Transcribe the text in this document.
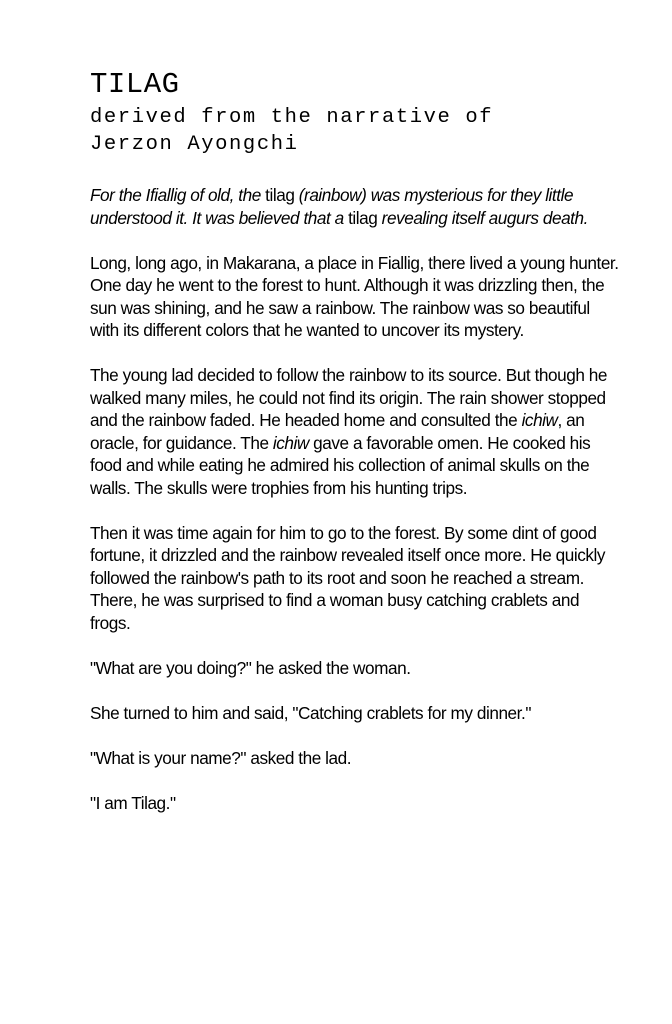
TILAG
derived from the narrative of Jerzon Ayongchi

For the Ifiallig of old, the tilag (rainbow) was mysterious for they little understood it. It was believed that a tilag revealing itself augurs death.

Long, long ago, in Makarana, a place in Fiallig, there lived a young hunter. One day he went to the forest to hunt. Although it was drizzling then, the sun was shining, and he saw a rainbow. The rainbow was so beautiful with its different colors that he wanted to uncover its mystery.

The young lad decided to follow the rainbow to its source. But though he walked many miles, he could not find its origin. The rain shower stopped and the rainbow faded. He headed home and consulted the ichiw, an oracle, for guidance. The ichiw gave a favorable omen. He cooked his food and while eating he admired his collection of animal skulls on the walls. The skulls were trophies from his hunting trips.

Then it was time again for him to go to the forest. By some dint of good fortune, it drizzled and the rainbow revealed itself once more. He quickly followed the rainbow's path to its root and soon he reached a stream. There, he was surprised to find a woman busy catching crablets and frogs.

"What are you doing?" he asked the woman.

She turned to him and said, "Catching crablets for my dinner."

"What is your name?" asked the lad.

"I am Tilag."
